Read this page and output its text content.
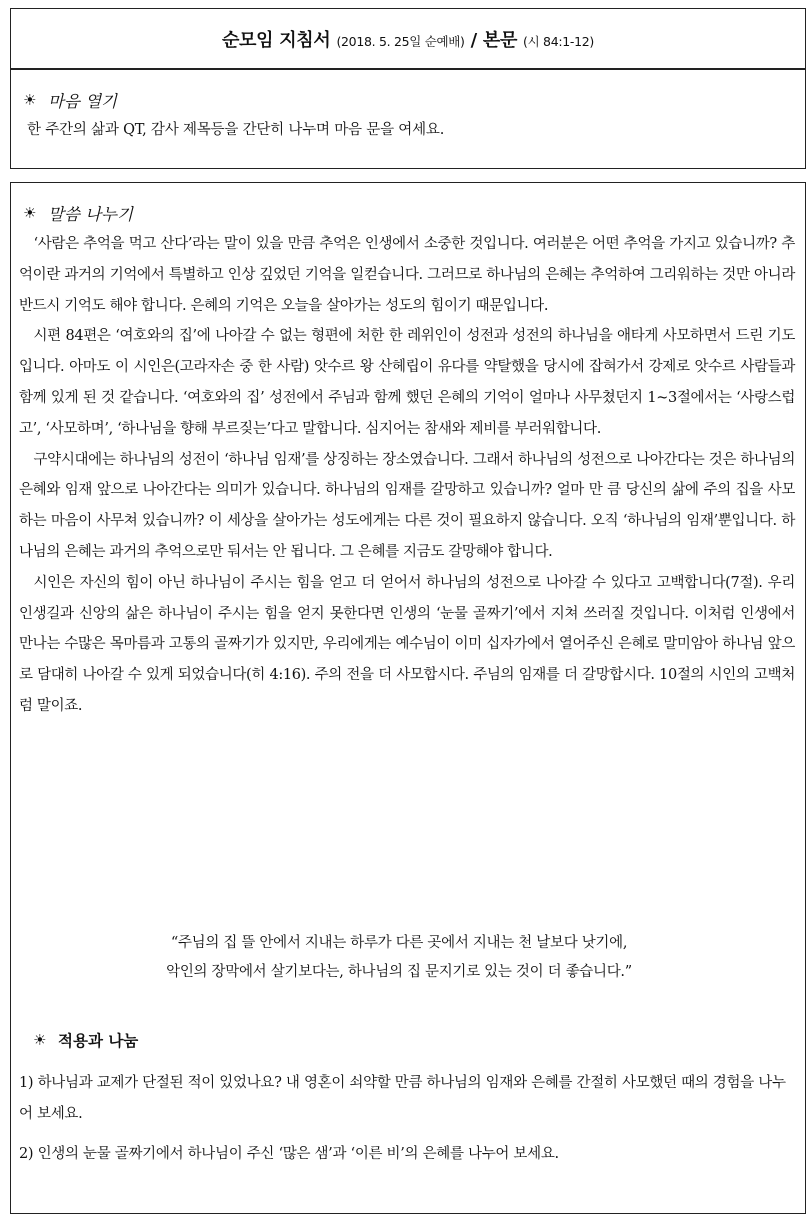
순모임 지침서 (2018. 5. 25일 순예배) / 본문 (시 84:1-12)
☀ 마음 열기
한 주간의 삶과 QT, 감사 제목등을 간단히 나누며 마음 문을 여세요.
☀ 말씀 나누기

‘사람은 추억을 먹고 산다’라는 말이 있을 만큼 추억은 인생에서 소중한 것입니다. 여러분은 어떤 추억을 가지고 있습니까? 추억이란 과거의 기억에서 특별하고 인상 깊었던 기억을 일컫습니다. 그러므로 하나님의 은혜는 추억하여 그리워하는 것만 아니라 반드시 기억도 해야 합니다. 은혜의 기억은 오늘을 살아가는 성도의 힘이기 때문입니다.

시편 84편은 ‘여호와의 집’에 나아갈 수 없는 형편에 처한 한 레위인이 성전과 성전의 하나님을 애타게 사모하면서 드린 기도입니다. 아마도 이 시인은(고라자손 중 한 사람) 앗수르 왕 산헤립이 유다를 약탈했을 당시에 잡혀가서 강제로 앗수르 사람들과 함께 있게 된 것 같습니다. ‘여호와의 집’ 성전에서 주님과 함께 했던 은혜의 기억이 얼마나 사무쳤던지 1~3절에서는 ‘사랑스럽고’, ‘사모하며’, ‘하나님을 향해 부르짖는’다고 말합니다. 심지어는 참새와 제비를 부러워합니다.

구약시대에는 하나님의 성전이 ‘하나님 임재’를 상징하는 장소였습니다. 그래서 하나님의 성전으로 나아간다는 것은 하나님의 은혜와 임재 앞으로 나아간다는 의미가 있습니다. 하나님의 임재를 갈망하고 있습니까? 얼마 만 큼 당신의 삶에 주의 집을 사모하는 마음이 사무쳐 있습니까? 이 세상을 살아가는 성도에게는 다른 것이 필요하지 않습니다. 오직 ‘하나님의 임재’뿐입니다. 하나님의 은혜는 과거의 추억으로만 둬서는 안 됩니다. 그 은혜를 지금도 갈망해야 합니다.

시인은 자신의 힘이 아닌 하나님이 주시는 힘을 얻고 더 얻어서 하나님의 성전으로 나아갈 수 있다고 고백합니다(7절). 우리 인생길과 신앙의 삶은 하나님이 주시는 힘을 얻지 못한다면 인생의 ‘눈물 골짜기’에서 지쳐 쓰러질 것입니다. 이처럼 인생에서 만나는 수많은 목마름과 고통의 골짜기가 있지만, 우리에게는 예수님이 이미 십자가에서 열어주신 은혜로 말미암아 하나님 앞으로 담대히 나아갈 수 있게 되었습니다(히 4:16). 주의 전을 더 사모합시다. 주님의 임재를 더 갈망합시다. 10절의 시인의 고백처럼 말이죠.

“주님의 집 뜰 안에서 지내는 하루가 다른 곳에서 지내는 천 날보다 낫기에,
악인의 장막에서 살기보다는, 하나님의 집 문지기로 있는 것이 더 좋습니다.”
☀ 적용과 나눔

1) 하나님과 교제가 단절된 적이 있었나요? 내 영혼이 쇠약할 만큼 하나님의 임재와 은혜를 간절히 사모했던 때의 경험을 나누어 보세요.

2) 인생의 눈물 골짜기에서 하나님이 주신 ‘많은 샘’과 ‘이른 비’의 은혜를 나누어 보세요.
